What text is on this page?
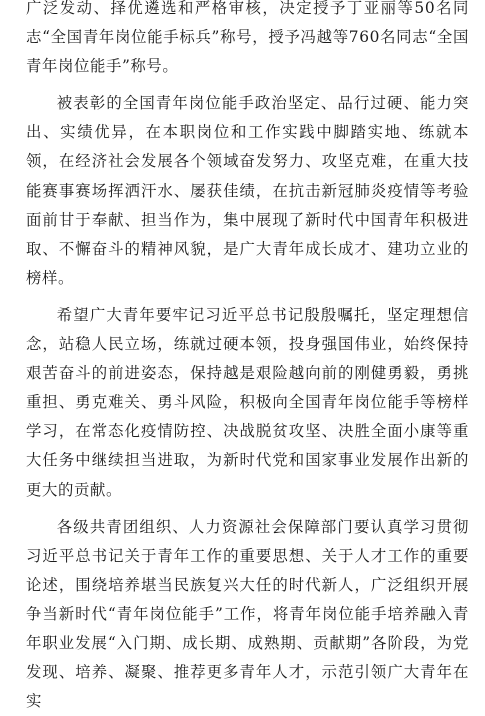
广泛发动、择优遴选和严格审核，决定授予丁亚丽等50名同志“全国青年岗位能手标兵”称号，授予冯越等760名同志“全国青年岗位能手”称号。

被表彰的全国青年岗位能手政治坚定、品行过硬、能力突出、实绩优异，在本职岗位和工作实践中脚踏实地、练就本领，在经济社会发展各个领域奋发努力、攻坚克难，在重大技能赛事赛场挥洒汗水、屡获佳绩，在抗击新冠肺炎疫情等考验面前甘于奉献、担当作为，集中展现了新时代中国青年积极进取、不懈奋斗的精神风貌，是广大青年成长成才、建功立业的榜样。

希望广大青年要牢记习近平总书记殷殷嘱托，坚定理想信念，站稳人民立场，练就过硬本领，投身强国伟业，始终保持艰苦奋斗的前进姿态，保持越是艰险越向前的刚健勇毅，勇挑重担、勇克难关、勇斗风险，积极向全国青年岗位能手等榜样学习，在常态化疫情防控、决战脱贫攻坚、决胜全面小康等重大任务中继续担当进取，为新时代党和国家事业发展作出新的更大的贡献。

各级共青团组织、人力资源社会保障部门要认真学习贯彻习近平总书记关于青年工作的重要思想、关于人才工作的重要论述，围绕培养堪当民族复兴大任的时代新人，广泛组织开展争当新时代“青年岗位能手”工作，将青年岗位能手培养融入青年职业发展“入门期、成长期、成熟期、贡献期”各阶段，为党发现、培养、凝聚、推荐更多青年人才，示范引领广大青年在实
